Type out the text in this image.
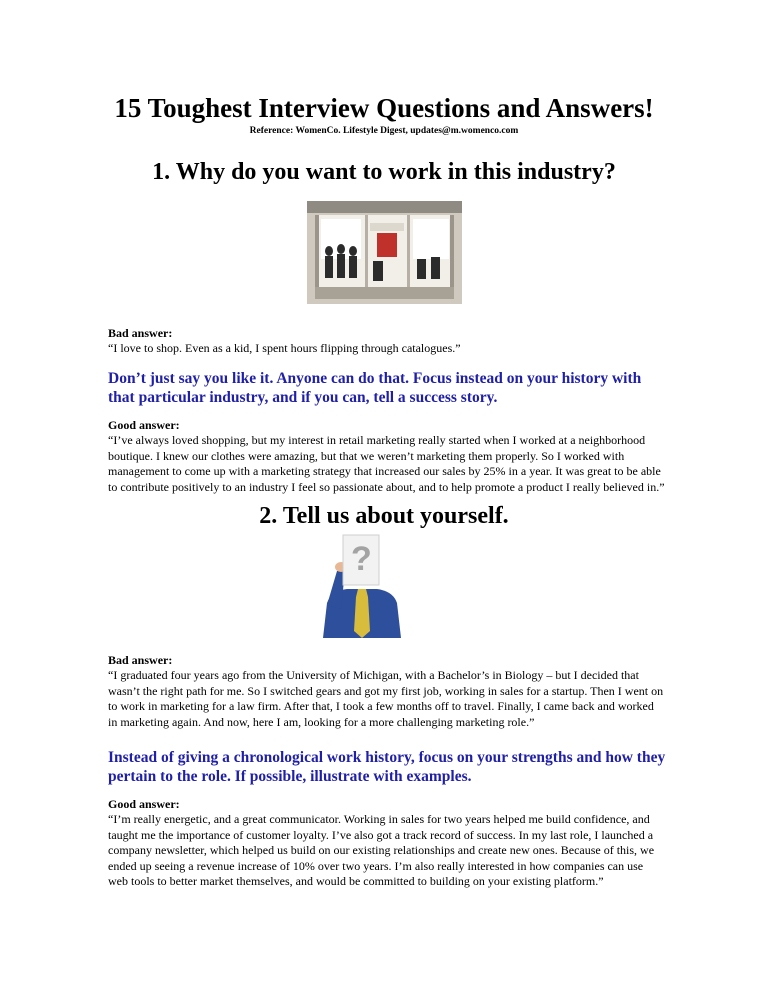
15 Toughest Interview Questions and Answers!
Reference: WomenCo. Lifestyle Digest, updates@m.womenco.com
1. Why do you want to work in this industry?
Bad answer:
“I love to shop. Even as a kid, I spent hours flipping through catalogues.”
Don’t just say you like it. Anyone can do that. Focus instead on your history with that particular industry, and if you can, tell a success story.
Good answer:
“I’ve always loved shopping, but my interest in retail marketing really started when I worked at a neighborhood boutique. I knew our clothes were amazing, but that we weren’t marketing them properly. So I worked with management to come up with a marketing strategy that increased our sales by 25% in a year. It was great to be able to contribute positively to an industry I feel so passionate about, and to help promote a product I really believed in.”
2. Tell us about yourself.
?
Bad answer:
“I graduated four years ago from the University of Michigan, with a Bachelor’s in Biology – but I decided that wasn’t the right path for me. So I switched gears and got my first job, working in sales for a startup. Then I went on to work in marketing for a law firm. After that, I took a few months off to travel. Finally, I came back and worked in marketing again. And now, here I am, looking for a more challenging marketing role.”
Instead of giving a chronological work history, focus on your strengths and how they pertain to the role. If possible, illustrate with examples.
Good answer:
“I’m really energetic, and a great communicator. Working in sales for two years helped me build confidence, and taught me the importance of customer loyalty. I’ve also got a track record of success. In my last role, I launched a company newsletter, which helped us build on our existing relationships and create new ones. Because of this, we ended up seeing a revenue increase of 10% over two years. I’m also really interested in how companies can use web tools to better market themselves, and would be committed to building on your existing platform.”
